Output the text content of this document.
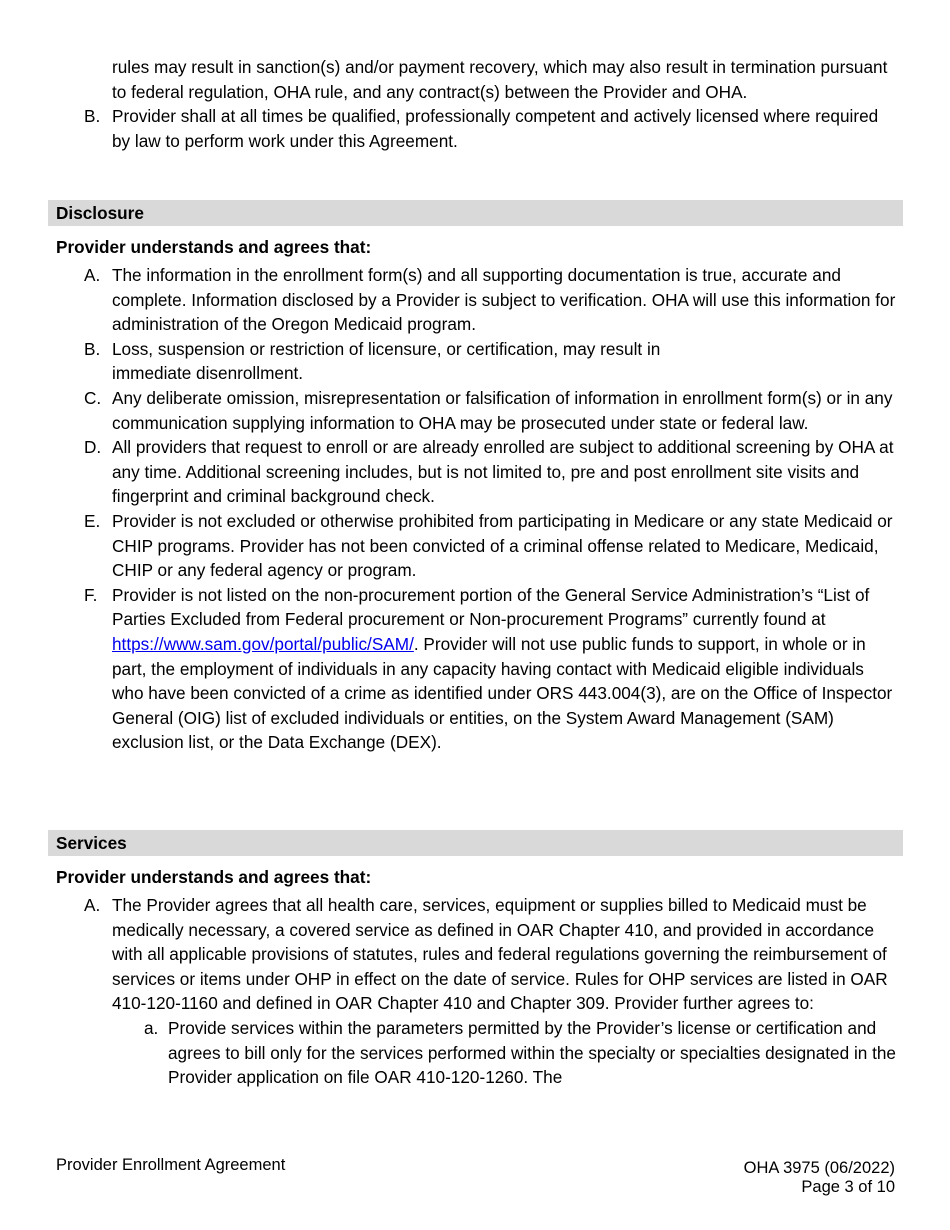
rules may result in sanction(s) and/or payment recovery, which may also result in termination pursuant to federal regulation, OHA rule, and any contract(s) between the Provider and OHA.
B. Provider shall at all times be qualified, professionally competent and actively licensed where required by law to perform work under this Agreement.
Disclosure
Provider understands and agrees that:
A. The information in the enrollment form(s) and all supporting documentation is true, accurate and complete. Information disclosed by a Provider is subject to verification. OHA will use this information for administration of the Oregon Medicaid program.
B. Loss, suspension or restriction of licensure, or certification, may result in
immediate disenrollment.
C. Any deliberate omission, misrepresentation or falsification of information in enrollment form(s) or in any communication supplying information to OHA may be prosecuted under state or federal law.
D. All providers that request to enroll or are already enrolled are subject to additional screening by OHA at any time. Additional screening includes, but is not limited to, pre and post enrollment site visits and fingerprint and criminal background check.
E. Provider is not excluded or otherwise prohibited from participating in Medicare or any state Medicaid or CHIP programs. Provider has not been convicted of a criminal offense related to Medicare, Medicaid, CHIP or any federal agency or program.
F. Provider is not listed on the non-procurement portion of the General Service Administration’s “List of Parties Excluded from Federal procurement or Non-procurement Programs” currently found at https://www.sam.gov/portal/public/SAM/. Provider will not use public funds to support, in whole or in part, the employment of individuals in any capacity having contact with Medicaid eligible individuals who have been convicted of a crime as identified under ORS 443.004(3), are on the Office of Inspector General (OIG) list of excluded individuals or entities, on the System Award Management (SAM) exclusion list, or the Data Exchange (DEX).
Services
Provider understands and agrees that:
A. The Provider agrees that all health care, services, equipment or supplies billed to Medicaid must be medically necessary, a covered service as defined in OAR Chapter 410, and provided in accordance with all applicable provisions of statutes, rules and federal regulations governing the reimbursement of services or items under OHP in effect on the date of service. Rules for OHP services are listed in OAR 410-120-1160 and defined in OAR Chapter 410 and Chapter 309. Provider further agrees to:
a. Provide services within the parameters permitted by the Provider’s license or certification and agrees to bill only for the services performed within the specialty or specialties designated in the Provider application on file OAR 410-120-1260. The
Provider Enrollment Agreement	OHA 3975 (06/2022)
Page 3 of 10
